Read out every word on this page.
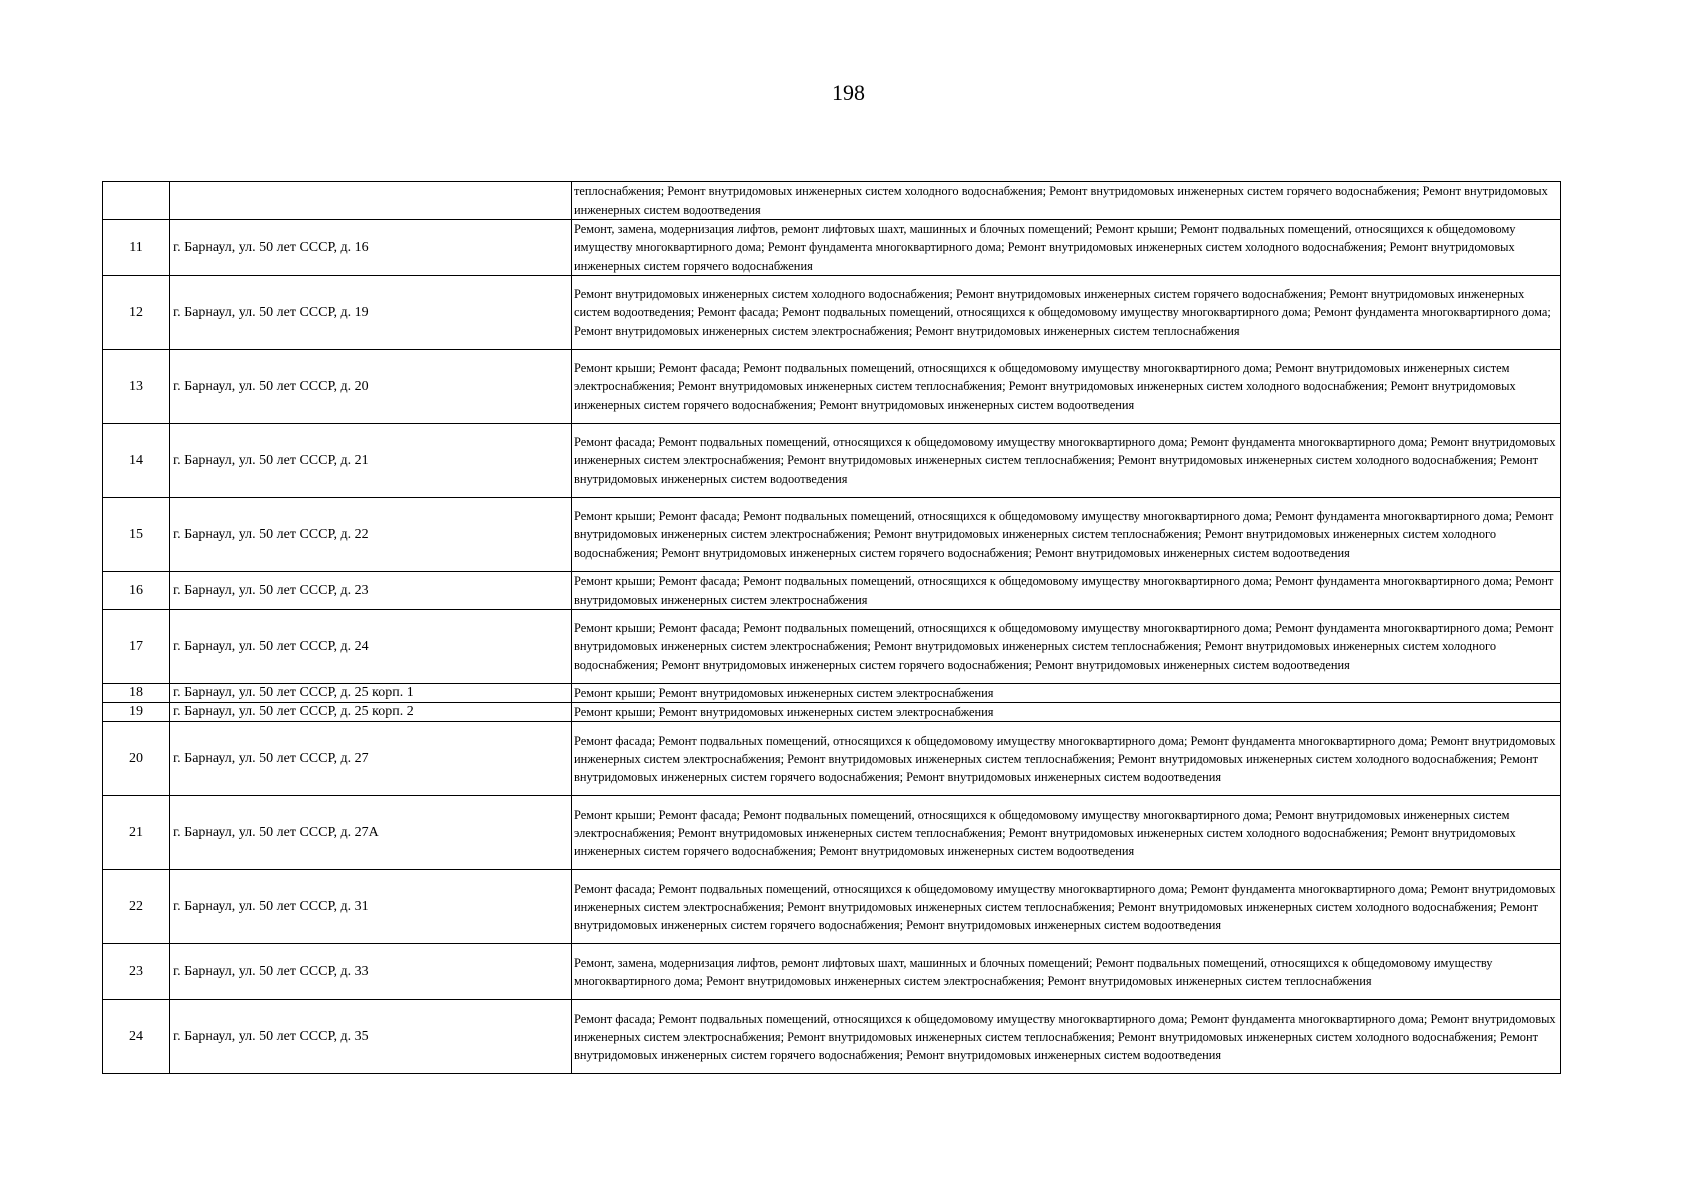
198
		теплоснабжения; Ремонт внутридомовых инженерных систем холодного водоснабжения; Ремонт внутридомовых инженерных систем горячего водоснабжения; Ремонт внутридомовых инженерных систем водоотведения
11	г. Барнаул, ул. 50 лет СССР, д. 16	Ремонт, замена, модернизация лифтов, ремонт лифтовых шахт, машинных и блочных помещений; Ремонт крыши; Ремонт подвальных помещений, относящихся к общедомовому имуществу многоквартирного дома; Ремонт фундамента многоквартирного дома; Ремонт внутридомовых инженерных систем холодного водоснабжения; Ремонт внутридомовых инженерных систем горячего водоснабжения
12	г. Барнаул, ул. 50 лет СССР, д. 19	Ремонт внутридомовых инженерных систем холодного водоснабжения; Ремонт внутридомовых инженерных систем горячего водоснабжения; Ремонт внутридомовых инженерных систем водоотведения; Ремонт фасада; Ремонт подвальных помещений, относящихся к общедомовому имуществу многоквартирного дома; Ремонт фундамента многоквартирного дома; Ремонт внутридомовых инженерных систем электроснабжения; Ремонт внутридомовых инженерных систем теплоснабжения
13	г. Барнаул, ул. 50 лет СССР, д. 20	Ремонт крыши; Ремонт фасада; Ремонт подвальных помещений, относящихся к общедомовому имуществу многоквартирного дома; Ремонт внутридомовых инженерных систем электроснабжения; Ремонт внутридомовых инженерных систем теплоснабжения; Ремонт внутридомовых инженерных систем холодного водоснабжения; Ремонт внутридомовых инженерных систем горячего водоснабжения; Ремонт внутридомовых инженерных систем водоотведения
14	г. Барнаул, ул. 50 лет СССР, д. 21	Ремонт фасада; Ремонт подвальных помещений, относящихся к общедомовому имуществу многоквартирного дома; Ремонт фундамента многоквартирного дома; Ремонт внутридомовых инженерных систем электроснабжения; Ремонт внутридомовых инженерных систем теплоснабжения; Ремонт внутридомовых инженерных систем холодного водоснабжения; Ремонт внутридомовых инженерных систем водоотведения
15	г. Барнаул, ул. 50 лет СССР, д. 22	Ремонт крыши; Ремонт фасада; Ремонт подвальных помещений, относящихся к общедомовому имуществу многоквартирного дома; Ремонт фундамента многоквартирного дома; Ремонт внутридомовых инженерных систем электроснабжения; Ремонт внутридомовых инженерных систем теплоснабжения; Ремонт внутридомовых инженерных систем холодного водоснабжения; Ремонт внутридомовых инженерных систем горячего водоснабжения; Ремонт внутридомовых инженерных систем водоотведения
16	г. Барнаул, ул. 50 лет СССР, д. 23	Ремонт крыши; Ремонт фасада; Ремонт подвальных помещений, относящихся к общедомовому имуществу многоквартирного дома; Ремонт фундамента многоквартирного дома; Ремонт внутридомовых инженерных систем электроснабжения
17	г. Барнаул, ул. 50 лет СССР, д. 24	Ремонт крыши; Ремонт фасада; Ремонт подвальных помещений, относящихся к общедомовому имуществу многоквартирного дома; Ремонт фундамента многоквартирного дома; Ремонт внутридомовых инженерных систем электроснабжения; Ремонт внутридомовых инженерных систем теплоснабжения; Ремонт внутридомовых инженерных систем холодного водоснабжения; Ремонт внутридомовых инженерных систем горячего водоснабжения; Ремонт внутридомовых инженерных систем водоотведения
18	г. Барнаул, ул. 50 лет СССР, д. 25 корп. 1	Ремонт крыши; Ремонт внутридомовых инженерных систем электроснабжения
19	г. Барнаул, ул. 50 лет СССР, д. 25 корп. 2	Ремонт крыши; Ремонт внутридомовых инженерных систем электроснабжения
20	г. Барнаул, ул. 50 лет СССР, д. 27	Ремонт фасада; Ремонт подвальных помещений, относящихся к общедомовому имуществу многоквартирного дома; Ремонт фундамента многоквартирного дома; Ремонт внутридомовых инженерных систем электроснабжения; Ремонт внутридомовых инженерных систем теплоснабжения; Ремонт внутридомовых инженерных систем холодного водоснабжения; Ремонт внутридомовых инженерных систем горячего водоснабжения; Ремонт внутридомовых инженерных систем водоотведения
21	г. Барнаул, ул. 50 лет СССР, д. 27А	Ремонт крыши; Ремонт фасада; Ремонт подвальных помещений, относящихся к общедомовому имуществу многоквартирного дома; Ремонт внутридомовых инженерных систем электроснабжения; Ремонт внутридомовых инженерных систем теплоснабжения; Ремонт внутридомовых инженерных систем холодного водоснабжения; Ремонт внутридомовых инженерных систем горячего водоснабжения; Ремонт внутридомовых инженерных систем водоотведения
22	г. Барнаул, ул. 50 лет СССР, д. 31	Ремонт фасада; Ремонт подвальных помещений, относящихся к общедомовому имуществу многоквартирного дома; Ремонт фундамента многоквартирного дома; Ремонт внутридомовых инженерных систем электроснабжения; Ремонт внутридомовых инженерных систем теплоснабжения; Ремонт внутридомовых инженерных систем холодного водоснабжения; Ремонт внутридомовых инженерных систем горячего водоснабжения; Ремонт внутридомовых инженерных систем водоотведения
23	г. Барнаул, ул. 50 лет СССР, д. 33	Ремонт, замена, модернизация лифтов, ремонт лифтовых шахт, машинных и блочных помещений; Ремонт подвальных помещений, относящихся к общедомовому имуществу многоквартирного дома; Ремонт внутридомовых инженерных систем электроснабжения; Ремонт внутридомовых инженерных систем теплоснабжения
24	г. Барнаул, ул. 50 лет СССР, д. 35	Ремонт фасада; Ремонт подвальных помещений, относящихся к общедомовому имуществу многоквартирного дома; Ремонт фундамента многоквартирного дома; Ремонт внутридомовых инженерных систем электроснабжения; Ремонт внутридомовых инженерных систем теплоснабжения; Ремонт внутридомовых инженерных систем холодного водоснабжения; Ремонт внутридомовых инженерных систем горячего водоснабжения; Ремонт внутридомовых инженерных систем водоотведения
